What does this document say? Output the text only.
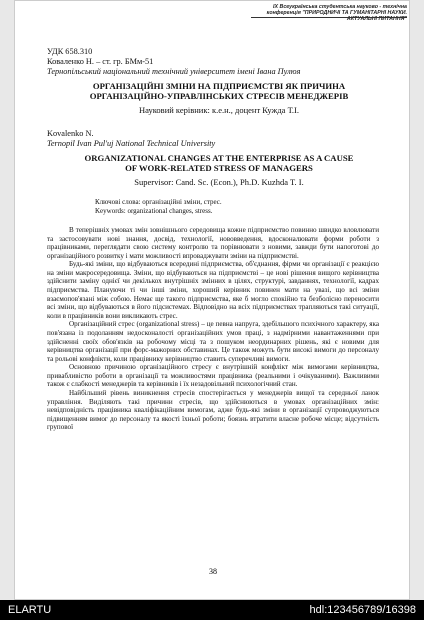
IX Всеукраїнська студентська науково - технічна конференція "ПРИРОДНИЧІ ТА ГУМАНІТАРНІ НАУКИ.
АКТУАЛЬНІ ПИТАННЯ"
УДК 658.310
Коваленко Н. – ст. гр. БМм-51
Тернопільський національний технічний університет імені Івана Пулюя
ОРГАНІЗАЦІЙНІ ЗМІНИ НА ПІДПРИЄМСТВІ ЯК ПРИЧИНА
ОРГАНІЗАЦІЙНО-УПРАВЛІНСЬКИХ СТРЕСІВ МЕНЕДЖЕРІВ
Науковий керівник: к.е.н., доцент Кужда Т.І.
Kovalenko N.
Ternopil Ivan Pul'uj National Technical University
ORGANIZATIONAL CHANGES AT THE ENTERPRISE AS A CAUSE
OF WORK-RELATED STRESS OF MANAGERS
Supervisor: Cand. Sc. (Econ.), Ph.D. Kuzhda T. I.
Ключові слова: організаційні зміни, стрес.
Keywords: organizational changes, stress.

В теперішніх умовах змін зовнішнього середовища кожне підприємство повинно швидко вловлювати та застосовувати нові знання, досвід, технології, нововведення, вдосконалювати форми роботи з працівниками, переглядати свою систему контролю та порівнювати з новими, завжди бути напоготові до організаційного розвитку і мати можливості впроваджувати зміни на підприємстві.

Будь-які зміни, що відбуваються всередині підприємства, об'єднання, фірми чи організації є реакцією на зміни макросередовища. Зміни, що відбуваються на підприємстві – це нові рішення вищого керівництва здійснити заміну однієї чи декількох внутрішніх змінних в цілях, структурі, завданнях, технології, кадрах підприємства. Плануючи ті чи інші зміни, хороший керівник повинен мати на увазі, що всі зміни взаємопов'язані між собою. Немає ще такого підприємства, яке б могло спокійно та безболісно переносити всі зміни, що відбуваються в його підсистемах. Відповідно на всіх підприємствах трапляються такі ситуації, коли в працівників вони викликають стрес.

Організаційний стрес (organizational stress) – це певна напруга, здебільшого психічного характеру, яка пов'язана із подоланням недосконалості організаційних умов праці, з надмірними навантаженнями при здійсненні своїх обов'язків на робочому місці та з пошуком неординарних рішень, які є новими для керівництва організації при форс-мажорних обставинах. Це також можуть бути високі вимоги до персоналу та рольові конфлікти, коли працівнику керівництво ставить суперечливі вимоги.

Основною причиною організаційного стресу є внутрішній конфлікт між вимогами керівництва, привабливістю роботи в організації та можливостями працівника (реальними і очікуваними). Важливими також є слабкості менеджерів та керівників і їх незадовільний психологічний стан.

Найбільший рівень виникнення стресів спостерігається у менеджерів вищої та середньої ланок управління. Виділяють такі причини стресів, що здійснюються в умовах організаційних змін: невідповідність працівника кваліфікаційним вимогам, адже будь-які зміни в організації супроводжуються підвищенням вимог до персоналу та якості їхньої роботи; боязнь втратити власне робоче місце; відсутність групової

38
ELARTU	hdl:123456789/16398
